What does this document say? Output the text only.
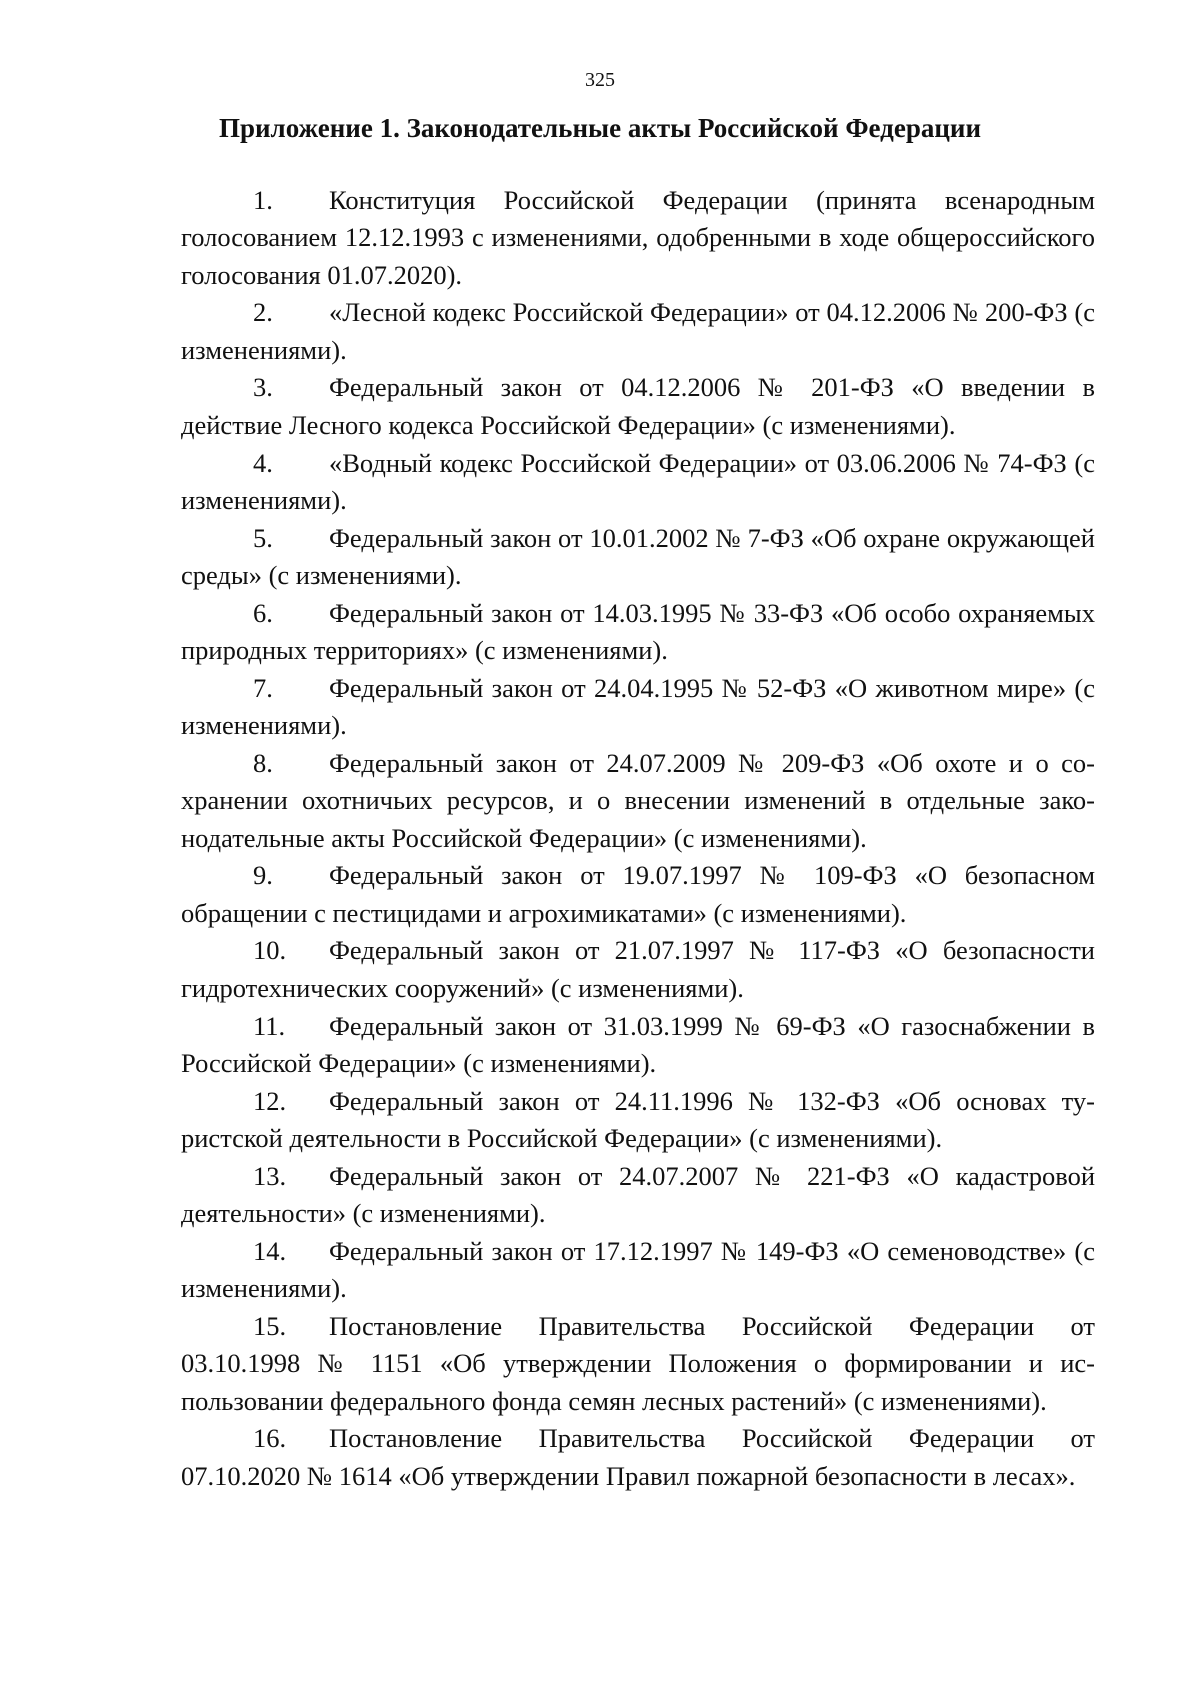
325
Приложение 1. Законодательные акты Российской Федерации

1. Конституция Российской Федерации (принята всенародным голосованием 12.12.1993 с изменениями, одобренными в ходе общероссийского голосования 01.07.2020).

2. «Лесной кодекс Российской Федерации» от 04.12.2006 № 200-ФЗ (с изменениями).

3. Федеральный закон от 04.12.2006 № 201-ФЗ «О введении в действие Лесного кодекса Российской Федерации» (с изменениями).

4. «Водный кодекс Российской Федерации» от 03.06.2006 № 74-ФЗ (с изменениями).

5. Федеральный закон от 10.01.2002 № 7-ФЗ «Об охране окружающей среды» (с изменениями).

6. Федеральный закон от 14.03.1995 № 33-ФЗ «Об особо охраняемых природных территориях» (с изменениями).

7. Федеральный закон от 24.04.1995 № 52-ФЗ «О животном мире» (с изменениями).

8. Федеральный закон от 24.07.2009 № 209-ФЗ «Об охоте и о сохранении охотничьих ресурсов, и о внесении изменений в отдельные законодательные акты Российской Федерации» (с изменениями).

9. Федеральный закон от 19.07.1997 № 109-ФЗ «О безопасном обращении с пестицидами и агрохимикатами» (с изменениями).

10. Федеральный закон от 21.07.1997 № 117-ФЗ «О безопасности гидротехнических сооружений» (с изменениями).

11. Федеральный закон от 31.03.1999 № 69-ФЗ «О газоснабжении в Российской Федерации» (с изменениями).

12. Федеральный закон от 24.11.1996 № 132-ФЗ «Об основах туристской деятельности в Российской Федерации» (с изменениями).

13. Федеральный закон от 24.07.2007 № 221-ФЗ «О кадастровой деятельности» (с изменениями).

14. Федеральный закон от 17.12.1997 № 149-ФЗ «О семеноводстве» (с изменениями).

15. Постановление Правительства Российской Федерации от 03.10.1998 № 1151 «Об утверждении Положения о формировании и использовании федерального фонда семян лесных растений» (с изменениями).

16. Постановление Правительства Российской Федерации от 07.10.2020 № 1614 «Об утверждении Правил пожарной безопасности в лесах».
